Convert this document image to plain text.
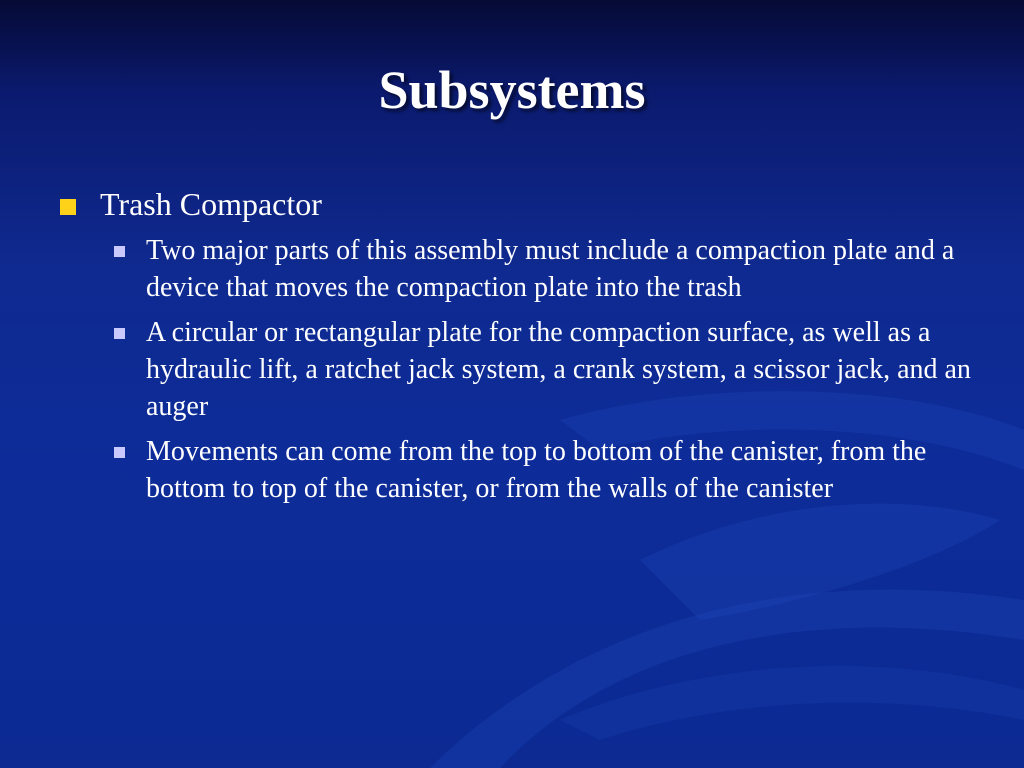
Subsystems
Trash Compactor
Two major parts of this assembly must include a compaction plate and a device that moves the compaction plate into the trash
A circular or rectangular plate for the compaction surface, as well as a hydraulic lift, a ratchet jack system, a crank system, a scissor jack, and an auger
Movements can come from the top to bottom of the canister, from the bottom to top of the canister, or from the walls of the canister
